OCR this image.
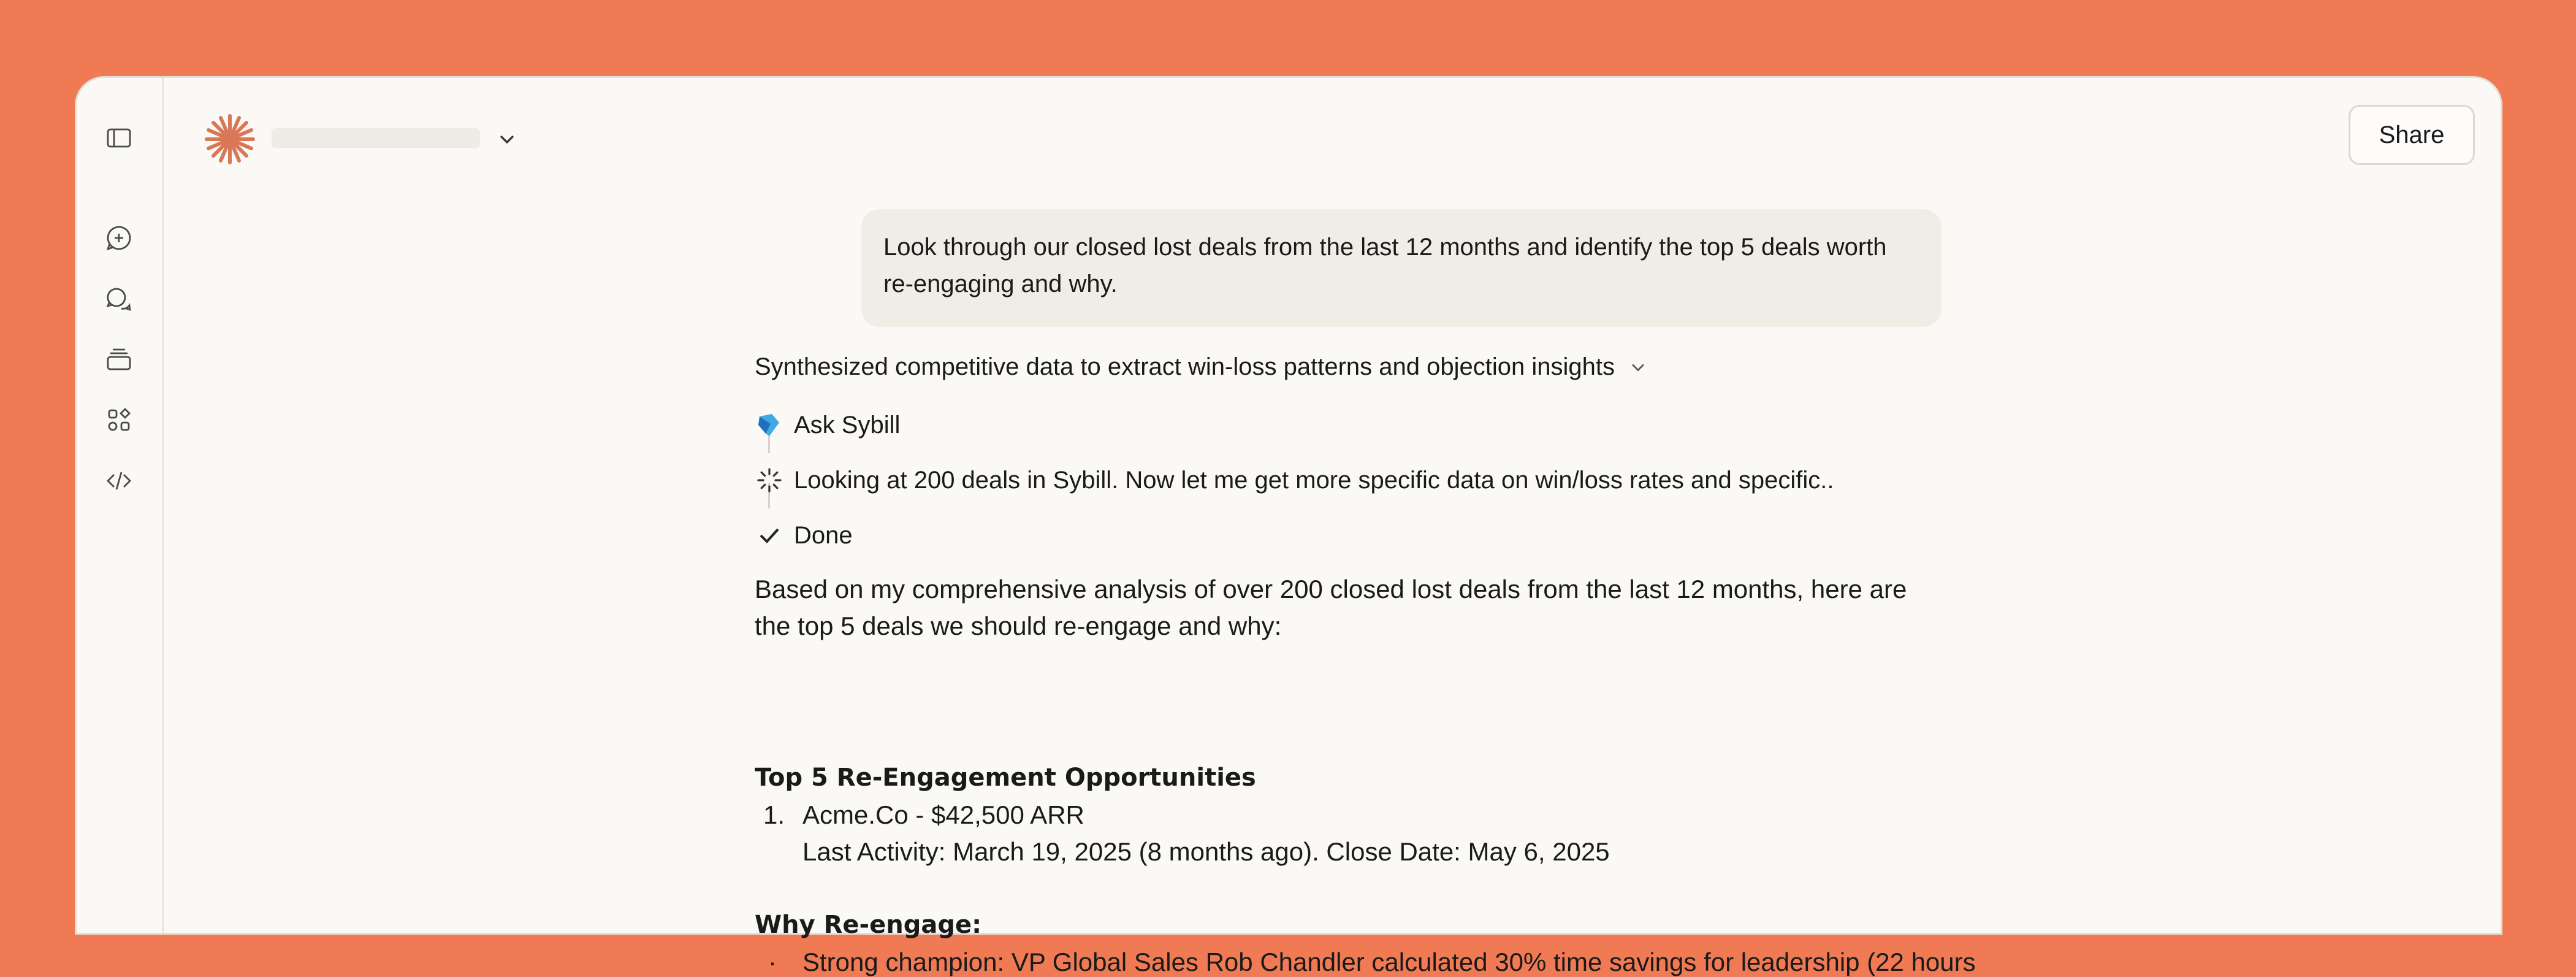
Share
Look through our closed lost deals from the last 12 months and identify the top 5 deals worth re-engaging and why.
Synthesized competitive data to extract win-loss patterns and objection insights
Ask Sybill
Looking at 200 deals in Sybill. Now let me get more specific data on win/loss rates and specific..
Done

Based on my comprehensive analysis of over 200 closed lost deals from the last 12 months, here are the top 5 deals we should re-engage and why:

Top 5 Re-Engagement Opportunities
1. Acme.Co - $42,500 ARR
Last Activity: March 19, 2025 (8 months ago). Close Date: May 6, 2025
Why Re-engage:
· Strong champion: VP Global Sales Rob Chandler calculated 30% time savings for leadership (22 hours
